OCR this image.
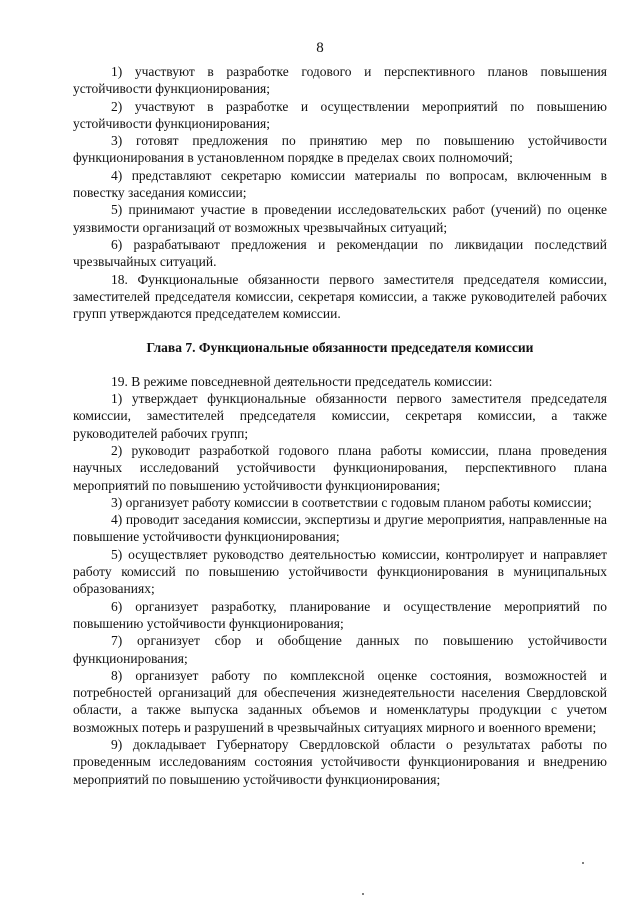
8

1) участвуют в разработке годового и перспективного планов повышения устойчивости функционирования;

2) участвуют в разработке и осуществлении мероприятий по повышению устойчивости функционирования;

3) готовят предложения по принятию мер по повышению устойчивости функционирования в установленном порядке в пределах своих полномочий;

4) представляют секретарю комиссии материалы по вопросам, включенным в повестку заседания комиссии;

5) принимают участие в проведении исследовательских работ (учений) по оценке уязвимости организаций от возможных чрезвычайных ситуаций;

6) разрабатывают предложения и рекомендации по ликвидации последствий чрезвычайных ситуаций.

18. Функциональные обязанности первого заместителя председателя комиссии, заместителей председателя комиссии, секретаря комиссии, а также руководителей рабочих групп утверждаются председателем комиссии.

Глава 7. Функциональные обязанности председателя комиссии

19. В режиме повседневной деятельности председатель комиссии:

1) утверждает функциональные обязанности первого заместителя председателя комиссии, заместителей председателя комиссии, секретаря комиссии, а также руководителей рабочих групп;

2) руководит разработкой годового плана работы комиссии, плана проведения научных исследований устойчивости функционирования, перспективного плана мероприятий по повышению устойчивости функционирования;

3) организует работу комиссии в соответствии с годовым планом работы комиссии;

4) проводит заседания комиссии, экспертизы и другие мероприятия, направленные на повышение устойчивости функционирования;

5) осуществляет руководство деятельностью комиссии, контролирует и направляет работу комиссий по повышению устойчивости функционирования в муниципальных образованиях;

6) организует разработку, планирование и осуществление мероприятий по повышению устойчивости функционирования;

7) организует сбор и обобщение данных по повышению устойчивости функционирования;

8) организует работу по комплексной оценке состояния, возможностей и потребностей организаций для обеспечения жизнедеятельности населения Свердловской области, а также выпуска заданных объемов и номенклатуры продукции с учетом возможных потерь и разрушений в чрезвычайных ситуациях мирного и военного времени;

9) докладывает Губернатору Свердловской области о результатах работы по проведенным исследованиям состояния устойчивости функционирования и внедрению мероприятий по повышению устойчивости функционирования;
